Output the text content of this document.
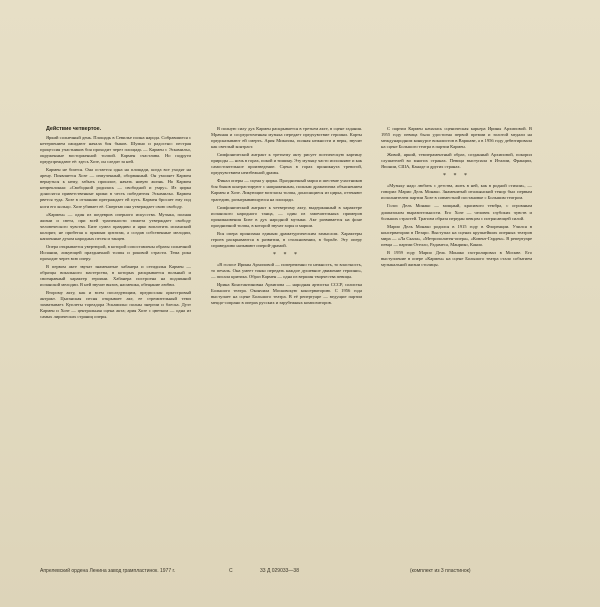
Действие четвертое.

Яркий солнечный день. Площадь в Севилье полна народа. Собравшиеся с нетерпением ожидают начала боя быков. Шумно и радостно: пестрая процессия участников боя проходит через площадь — Кармен с Эскамильо, окруженные восторженной толпой. Кармен счастлива. Но подруги предупреждают её: здесь Хозе, он следит за ней.

Кармен не боится. Она остается одна на площади, когда все уходят на арену. Появляется Хозе — измученный, оборванный. Он умоляет Кармен вернуться к нему, забыть прошлое, начать новую жизнь. Но Кармен непреклонна: «Свободной родилась — свободной и умру». Из цирка доносятся приветственные крики в честь победителя Эскамильо. Кармен рвется туда. Хозе в отчаянии преграждает ей путь. Кармен бросает ему под ноги его кольцо. Хозе убивает её. Смертью она утверждает свою свободу.

«Кармен» — один из шедевров оперного искусства. Музыка, полная жизни и света, при всей трагичности сюжета утверждает свободу человеческого чувства. Бизе сумел правдиво и ярко воплотить испанский колорит, не прибегая к прямым цитатам, а создав собственные мелодии, напоенные духом народных песен и танцев.

Опера открывается увертюрой, в которой сопоставлены образы солнечной Испании, ликующей праздничной толпы и роковой страсти. Тема рока проходит через всю оперу.

В первом акте звучат знаменитые хабанера и сегидилья Кармен — образцы вокального мастерства, в которых раскрывается вольный и своенравный характер героини. Хабанера построена на подлинной испанской мелодии. В ней звучит вызов, насмешка, обещание любви.

Второму акту, как и всем последующим, предпослан оркестровый антракт. Цыганская песня открывает акт, ее стремительный темп захватывает. Куплеты тореадора Эскамильо полны энергии и блеска. Дуэт Кармен и Хозе — центральная сцена акта; ария Хозе с цветком — одна из самых лирических страниц оперы.

В полную силу дух Кармен раскрывается в третьем акте, в сцене гадания. Мрачная и сосредоточенная музыка передает предчувствие героини. Карты предсказывают ей смерть. Ария Микаэлы, полная нежности и веры, звучит как светлый контраст.

Симфонический антракт к третьему акту рисует поэтическую картину природы — ночь в горах, покой и тишину. Эту музыку часто исполняют и как самостоятельное произведение. Сцена в горах проникнута тревогой, предчувствием неизбежной драмы.

Финал оперы — сцена у цирка. Праздничный марш и шествие участников боя быков контрастируют с напряженным, полным драматизма объяснением Кармен и Хозе. Ликующие возгласы толпы, доносящиеся из цирка, оттеняют трагедию, разыгрывающуюся на площади.

Симфонический антракт к четвертому акту, выдержанный в характере испанского народного танца, — один из замечательных примеров проникновения Бизе в дух народной музыки. Акт развивается на фоне праздничной толпы, в которой звучат хоры и марши.

Вся опера пронизана единым драматургическим замыслом. Характеры героев раскрываются в развитии, в столкновении, в борьбе. Эту оперу справедливо называют оперой-драмой.

* * *

«В голосе Ирины Архиповой — попеременно то нежность, то властность, то печаль. Она умеет тонко передать каждое душевное движение героини», — писала критика. Образ Кармен — одна из вершин творчества певицы.

Ирина Константиновна Архипова — народная артистка СССР, солистка Большого театра. Окончила Московскую консерваторию. С 1956 года выступает на сцене Большого театра. В её репертуаре — ведущие партии меццо-сопрано в операх русских и зарубежных композиторов.

С партии Кармен началась сценическая карьера Ирины Архиповой. В 1955 году певица была удостоена первой премии и золотой медали на международном конкурсе вокалистов в Варшаве, а в 1956 году дебютировала на сцене Большого театра в партии Кармен.

Живой, яркий, темпераментный образ, созданный Архиповой, покорил слушателей во многих странах. Певица выступала в Италии, Франции, Японии, США, Канаде и других странах.

* * *

«Музыку надо любить с детства, жить в ней, как в родной стихии», — говорил Марио Дель Монако. Знаменитый итальянский тенор был первым исполнителем партии Хозе в совместной постановке с Большим театром.

Голос Дель Монако — мощный, красивого тембра, с огромным диапазоном выразительности. Его Хозе — человек глубоких чувств и больших страстей. Трагизм образа передан певцом с потрясающей силой.

Марио Дель Монако родился в 1915 году в Флоренции. Учился в консерватории в Пезаро. Выступал на сценах крупнейших оперных театров мира — «Ла Скала», «Метрополитен-опера», «Ковент-Гарден». В репертуаре певца — партии Отелло, Радамеса, Манрико, Канио.

В 1959 году Марио Дель Монако гастролировал в Москве. Его выступление в опере «Кармен» на сцене Большого театра стало событием музыкальной жизни столицы.

Апрелевский ордена Ленина завод грампластинок. 1977 г.	С	33 Д 029033—38	(комплект из 3 пластинок)
